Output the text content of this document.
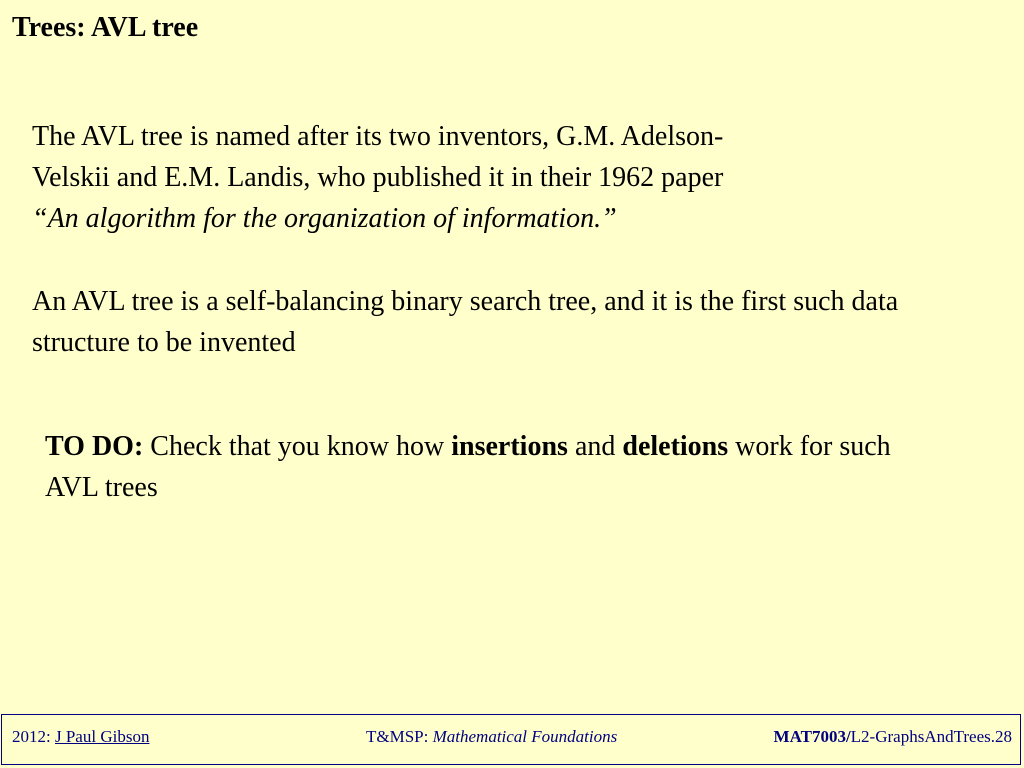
Trees: AVL tree

The AVL tree is named after its two inventors, G.M. Adelson-
Velskii and E.M. Landis, who published it in their 1962 paper
“An algorithm for the organization of information.”

An AVL tree is a self-balancing binary search tree, and it is the first such data structure to be invented

TO DO: Check that you know how insertions and deletions work for such AVL trees

2012: J Paul Gibson	T&MSP: Mathematical Foundations	MAT7003/L2-GraphsAndTrees.28
